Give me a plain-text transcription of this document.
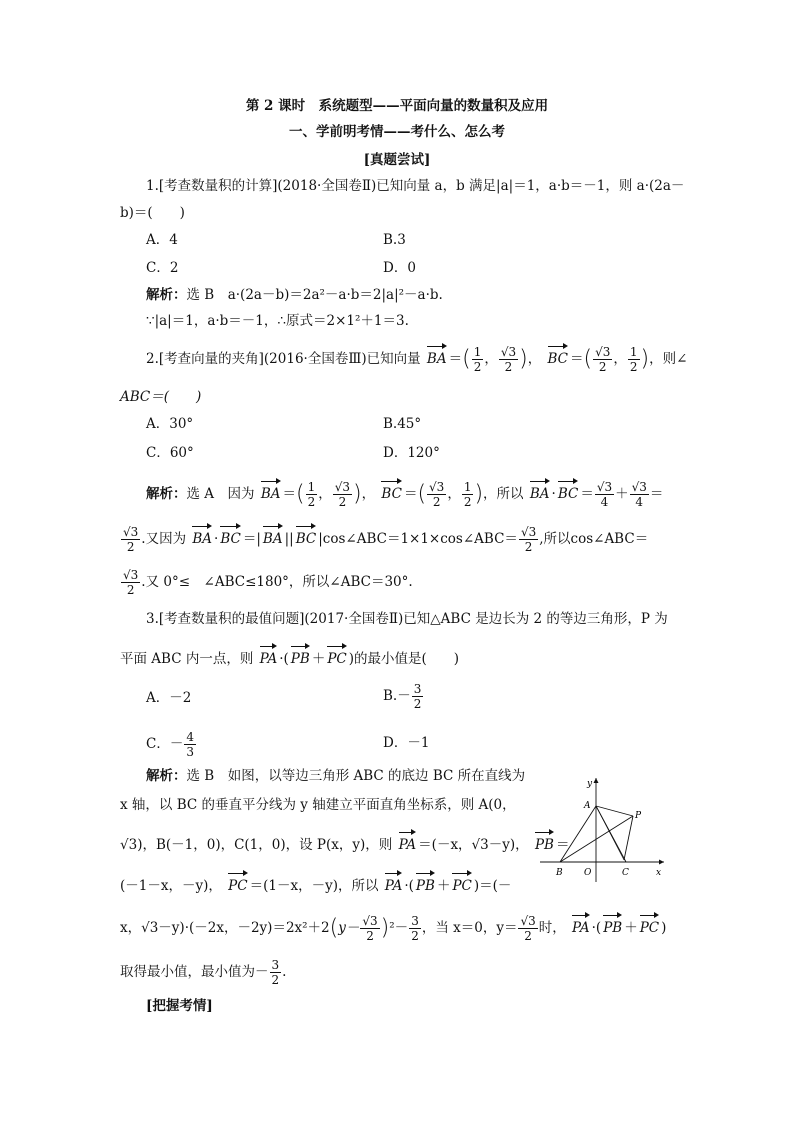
第 2 课时　系统题型——平面向量的数量积及应用
一、学前明考情——考什么、怎么考
[真题尝试]
1.[考查数量积的计算](2018·全国卷Ⅱ)已知向量 a，b 满足|a|＝1，a·b＝－1，则 a·(2a－
b)＝(　　)
A．4	B.3
C．2	D．0
解析：选 B　a·(2a－b)＝2a²－a·b＝2|a|²－a·b.
∵|a|＝1，a·b＝－1，∴原式＝2×1²＋1＝3.
2.[考查向量的夹角](2016·全国卷Ⅲ)已知向量 BA ＝( $\frac{1}{2}$ ， $\frac{√3}{2}$ )， BC ＝( $\frac{√3}{2}$ ， $\frac{1}{2}$ )，则∠
ABC＝(　　)
A．30°	B.45°
C．60°	D．120°
解析：选 A　因为 BA ＝( $\frac{1}{2}$ ， $\frac{√3}{2}$ )， BC ＝( $\frac{√3}{2}$ ， $\frac{1}{2}$ )，所以 BA · BC ＝ $\frac{√3}{4} + \frac{√3}{4}$ ＝
$\frac{√3}{2}$ .又因为 BA · BC ＝| BA || BC |cos∠ABC＝1×1×cos∠ABC＝ $\frac{√3}{2}$ ,所以cos∠ABC＝
$\frac{√3}{2}$ .又 0°≤　∠ABC≤180°，所以∠ABC＝30°.
3.[考查数量积的最值问题](2017·全国卷Ⅱ)已知△ABC 是边长为 2 的等边三角形，P 为
平面 ABC 内一点，则 PA ·( PB ＋ PC )的最小值是(　　)
A．－2	$B.- \frac{3}{2}$
C．－ $\frac{4}{3}$	D．－1
解析：选 B　如图，以等边三角形 ABC 的底边 BC 所在直线为
x 轴，以 BC 的垂直平分线为 y 轴建立平面直角坐标系，则 A(0，
√3)，B(－1，0)，C(1，0)，设 P(x，y)，则 PA ＝(－x，√3－y)， PB ＝
(－1－x，－y)， PC ＝(1－x，－y)，所以 PA ·( PB ＋ PC )＝(－
x，√3－y)·(－2x，$-2y)=2x^2+2(y- \frac{√3}{2} )^2- \frac{3}{2}$ ，当 x＝0，$y= \frac{√3}{2}$ 时， PA ·( PB ＋ PC )
取得最小值，最小值为－ $\frac{3}{2}$ .
[把握考情]
y
x
A
B O	C
P
